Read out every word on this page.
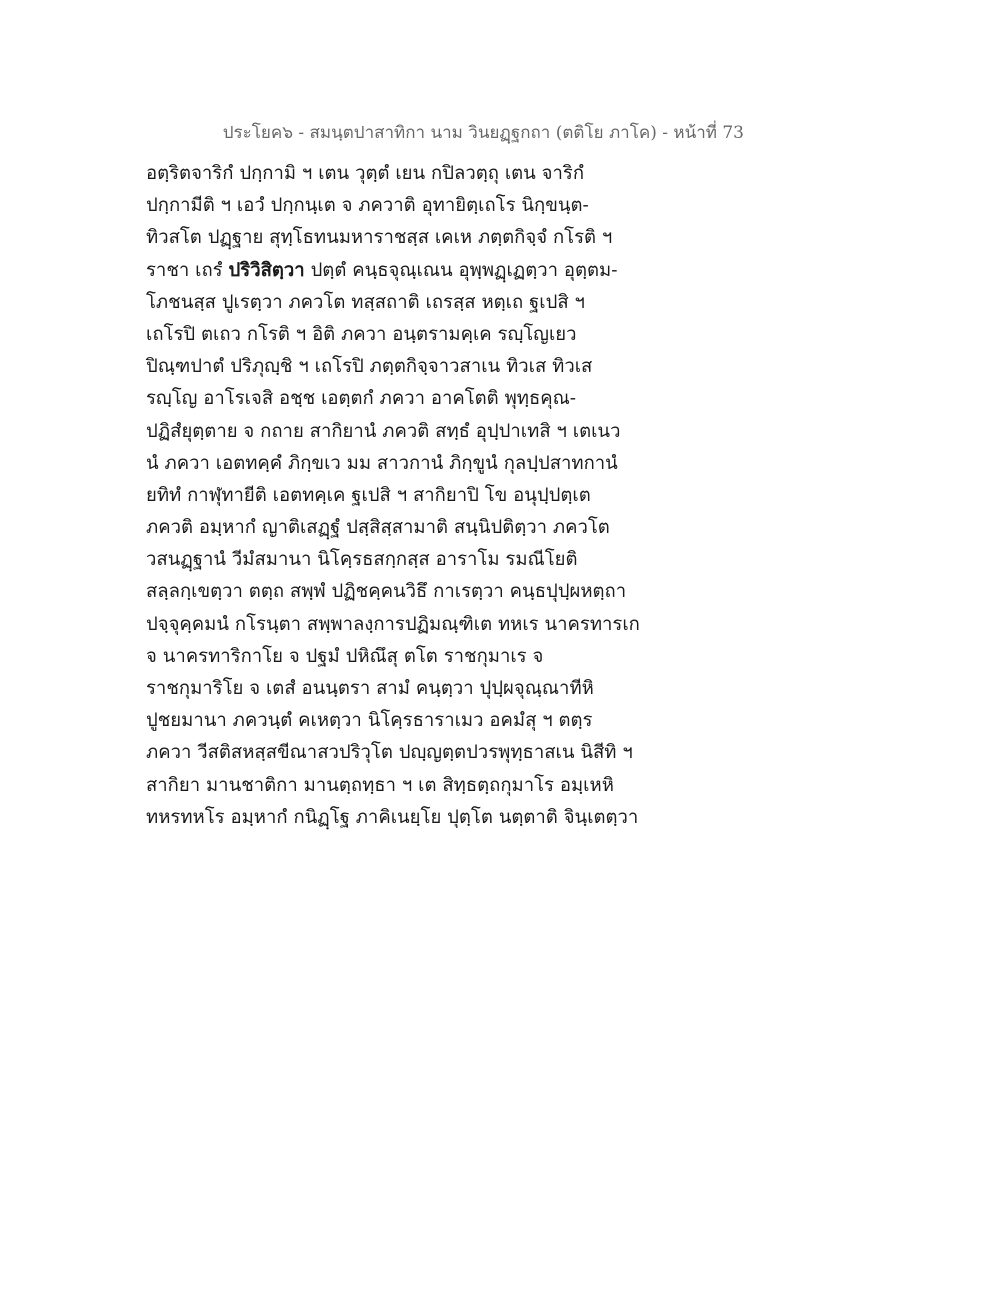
ประโยค๖ - สมนฺตปาสาทิกา นาม วินยฏฺฐกถา (ตติโย ภาโค) - หน้าที่ 73
อตฺริตจาริกํ ปกฺกามิ ฯ เตน วุตฺตํ เยน กปิลวตฺถุ เตน จาริกํ
ปกฺกามีติ ฯ เอวํ ปกฺกนฺเต จ ภควาติ อุทายิตฺเถโร นิกฺขนฺต-
ทิวสโต ปฏฺฐาย สุทฺโธทนมหาราชสฺส เคเห ภตฺตกิจฺจํ กโรติ ฯ
ราชา เถรํ ปริวิสิตฺวา ปตฺตํ คนฺธจุณฺเณน อุพฺพฏฺเฏตฺวา อุตฺตม-
โภชนสฺส ปูเรตฺวา ภควโต ทสฺสถาติ เถรสฺส หตฺเถ ฐเปสิ ฯ
เถโรปิ ตเถว กโรติ ฯ อิติ ภควา อนฺตรามคฺเค รญฺโญเยว
ปิณฺฑปาตํ ปริภุญฺชิ ฯ เถโรปิ ภตฺตกิจฺจาวสาเน ทิวเส ทิวเส
รญฺโญ อาโรเจสิ อชฺช เอตฺตกํ ภควา อาคโตติ พุทฺธคุณ-
ปฏิสํยุตฺตาย จ กถาย สากิยานํ ภควติ สทฺธํ อุปฺปาเทสิ ฯ เตเนว
นํ ภควา เอตทคฺคํ ภิกฺขเว มม สาวกานํ ภิกฺขูนํ กุลปฺปสาทกานํ
ยทิทํ กาฬุทายีติ เอตทคฺเค ฐเปสิ ฯ สากิยาปิ โข อนุปฺปตฺเต
ภควติ อมฺหากํ ญาติเสฏฺฐํ ปสฺสิสฺสามาติ สนฺนิปติตฺวา ภควโต
วสนฏฺฐานํ วีมํสมานา นิโคฺรธสกฺกสฺส อาราโม รมณีโยติ
สลฺลกฺเขตฺวา ตตฺถ สพฺพํ ปฏิชคฺคนวิธึ กาเรตฺวา คนฺธปุปฺผหตฺถา
ปจฺจุคฺคมนํ กโรนฺตา สพฺพาลงฺการปฏิมณฺฑิเต ทหเร นาครทารเก
จ นาครทาริกาโย จ ปฐมํ ปหิณึสุ ตโต ราชกุมาเร จ
ราชกุมาริโย จ เตสํ อนนฺตรา สามํ คนฺตฺวา ปุปฺผจุณฺณาทีหิ
ปูชยมานา ภควนฺตํ คเหตฺวา นิโคฺรธาราเมว อคมํสุ ฯ ตตฺร
ภควา วีสติสหสฺสขีณาสวปริวุโต ปญฺญตฺตปวรพุทฺธาสเน นิสีทิ ฯ
สากิยา มานชาติกา มานตฺถทฺธา ฯ เต สิทฺธตฺถกุมาโร อมฺเหหิ
ทหรทหโร อมฺหากํ กนิฏฺโฐ ภาคิเนยฺโย ปุตฺโต นตฺตาติ จินฺเตตฺวา
